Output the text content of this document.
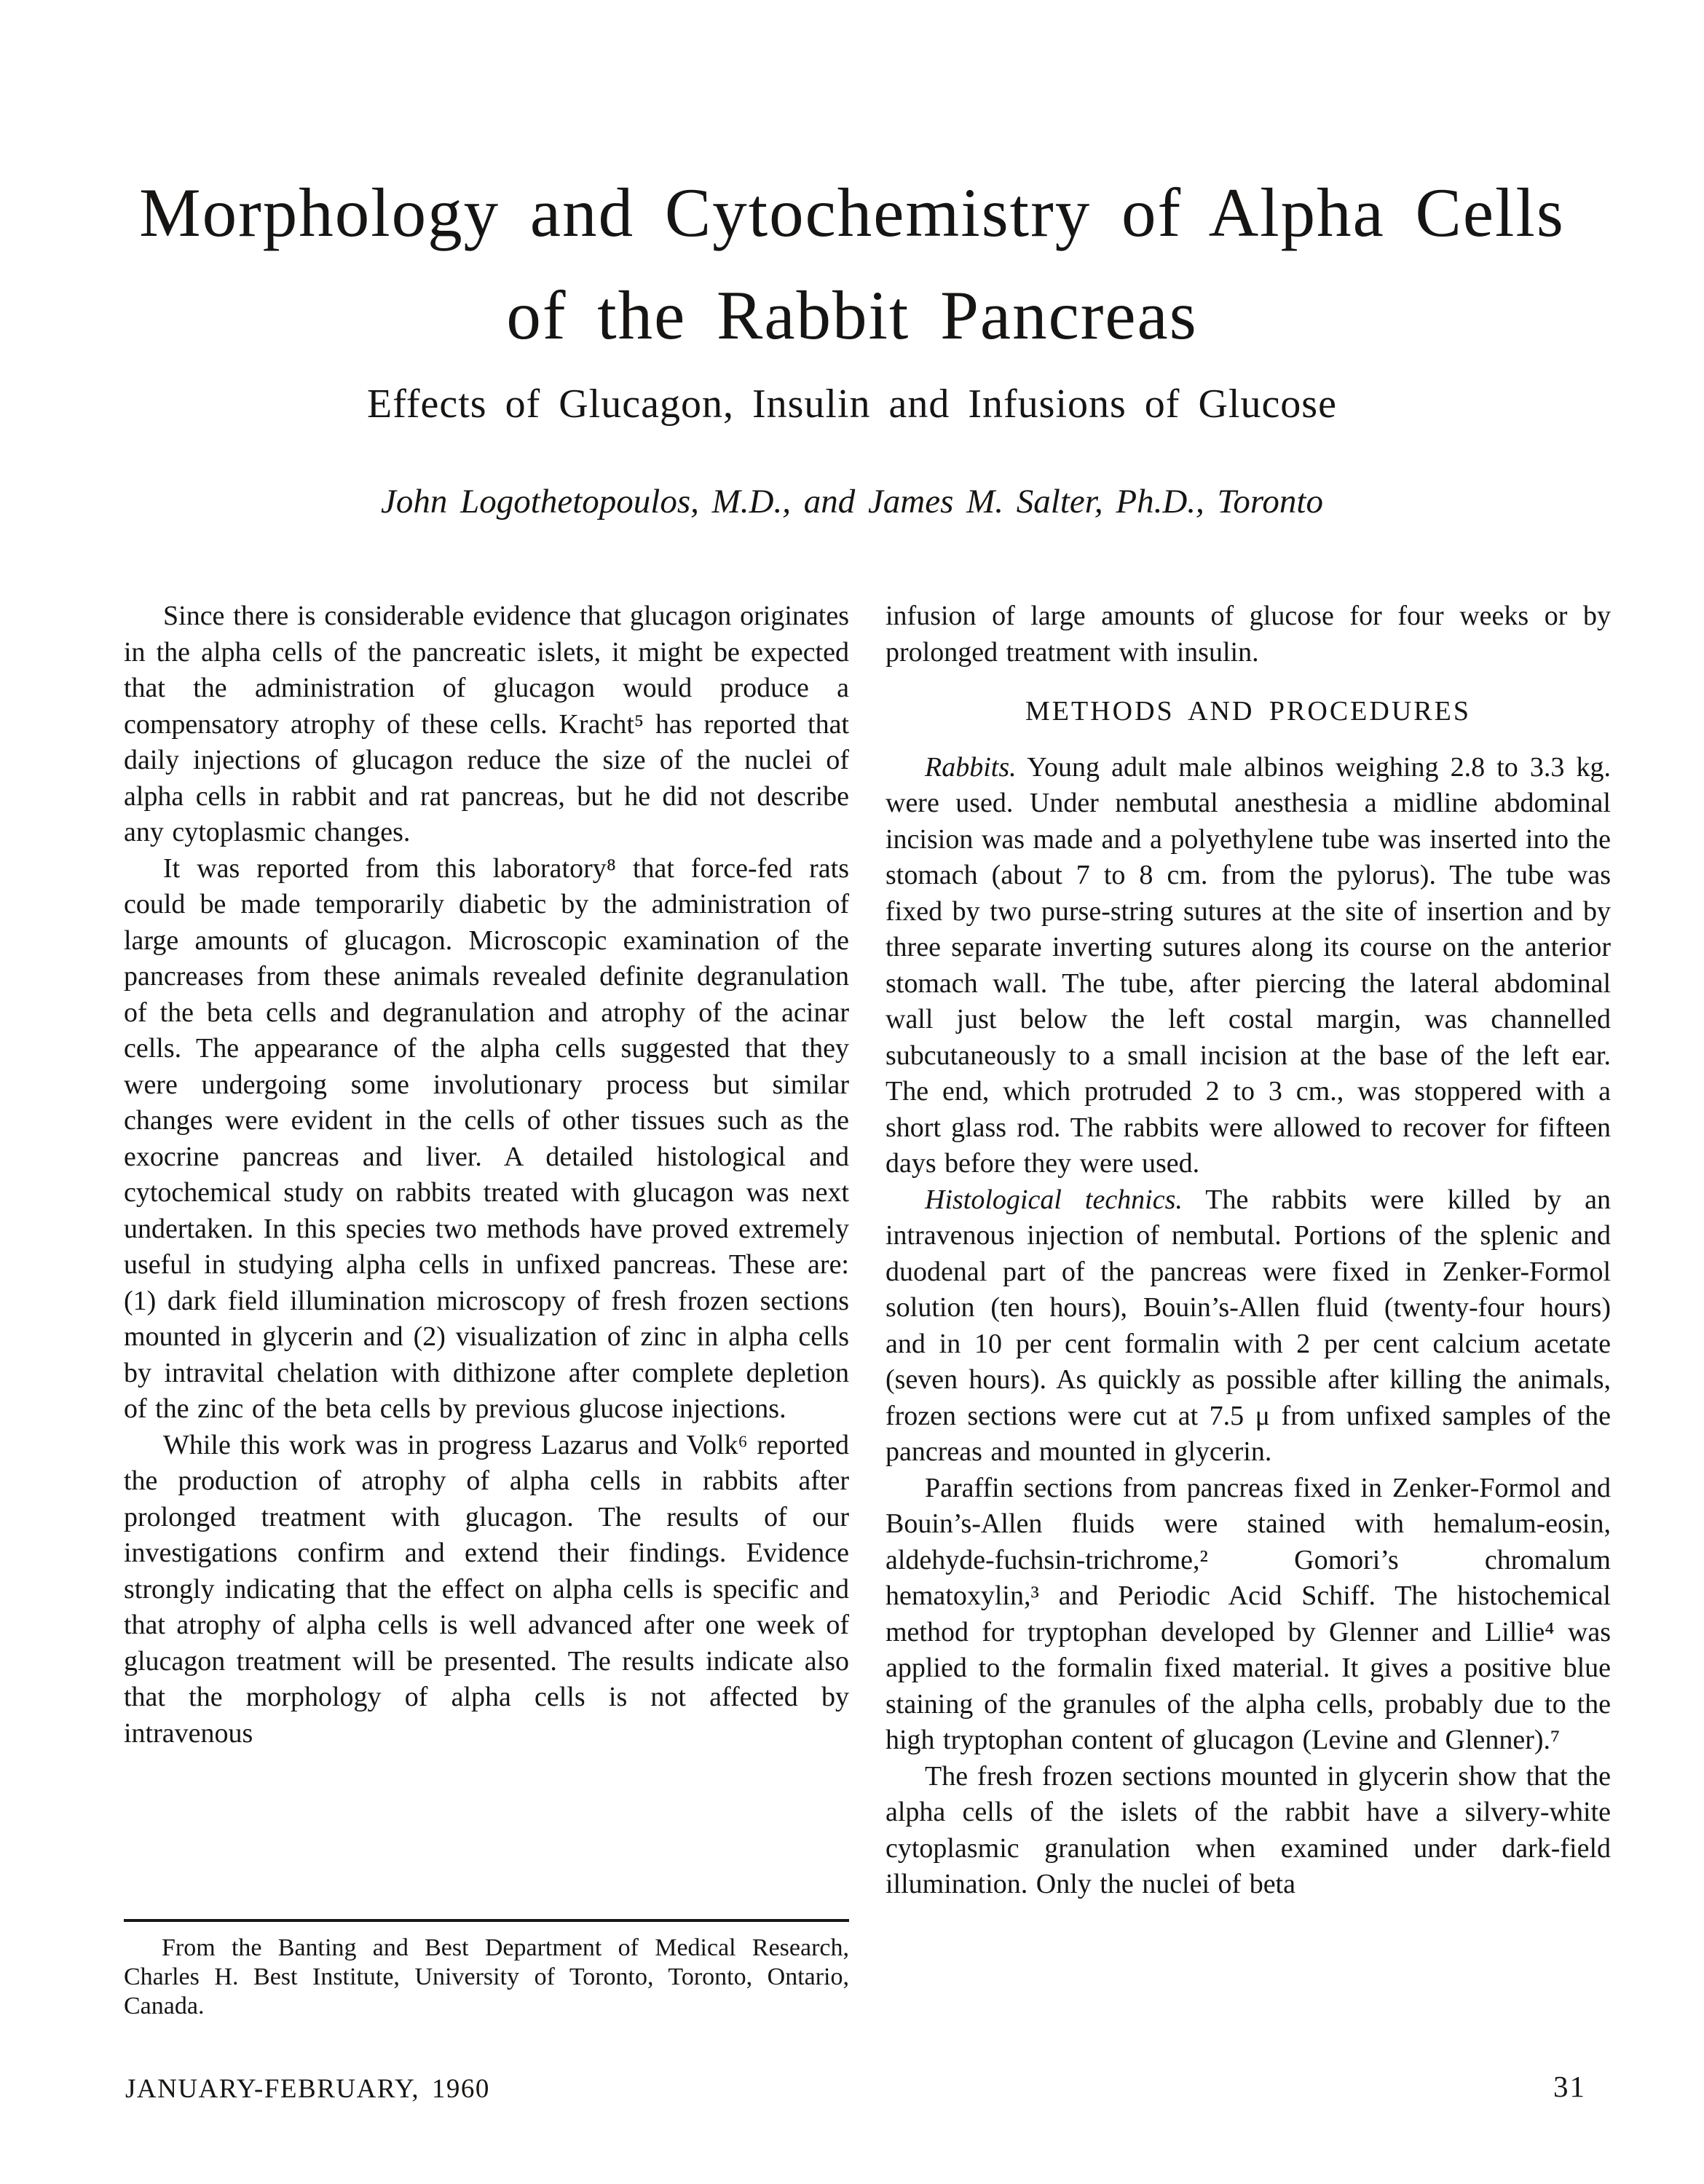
Morphology and Cytochemistry of Alpha Cells
of the Rabbit Pancreas
Effects of Glucagon, Insulin and Infusions of Glucose
John Logothetopoulos, M.D., and James M. Salter, Ph.D., Toronto

Since there is considerable evidence that glucagon originates in the alpha cells of the pancreatic islets, it might be expected that the administration of glucagon would produce a compensatory atrophy of these cells. Kracht⁵ has reported that daily injections of glucagon reduce the size of the nuclei of alpha cells in rabbit and rat pancreas, but he did not describe any cytoplasmic changes.

It was reported from this laboratory⁸ that force-fed rats could be made temporarily diabetic by the administration of large amounts of glucagon. Microscopic examination of the pancreases from these animals revealed definite degranulation of the beta cells and degranulation and atrophy of the acinar cells. The appearance of the alpha cells suggested that they were undergoing some involutionary process but similar changes were evident in the cells of other tissues such as the exocrine pancreas and liver. A detailed histological and cytochemical study on rabbits treated with glucagon was next undertaken. In this species two methods have proved extremely useful in studying alpha cells in unfixed pancreas. These are: (1) dark field illumination microscopy of fresh frozen sections mounted in glycerin and (2) visualization of zinc in alpha cells by intravital chelation with dithizone after complete depletion of the zinc of the beta cells by previous glucose injections.

While this work was in progress Lazarus and Volk⁶ reported the production of atrophy of alpha cells in rabbits after prolonged treatment with glucagon. The results of our investigations confirm and extend their findings. Evidence strongly indicating that the effect on alpha cells is specific and that atrophy of alpha cells is well advanced after one week of glucagon treatment will be presented. The results indicate also that the morphology of alpha cells is not affected by intravenous

infusion of large amounts of glucose for four weeks or by prolonged treatment with insulin.

METHODS AND PROCEDURES

Rabbits. Young adult male albinos weighing 2.8 to 3.3 kg. were used. Under nembutal anesthesia a midline abdominal incision was made and a polyethylene tube was inserted into the stomach (about 7 to 8 cm. from the pylorus). The tube was fixed by two purse-string sutures at the site of insertion and by three separate inverting sutures along its course on the anterior stomach wall. The tube, after piercing the lateral abdominal wall just below the left costal margin, was channelled subcutaneously to a small incision at the base of the left ear. The end, which protruded 2 to 3 cm., was stoppered with a short glass rod. The rabbits were allowed to recover for fifteen days before they were used.

Histological technics. The rabbits were killed by an intravenous injection of nembutal. Portions of the splenic and duodenal part of the pancreas were fixed in Zenker-Formol solution (ten hours), Bouin’s-Allen fluid (twenty-four hours) and in 10 per cent formalin with 2 per cent calcium acetate (seven hours). As quickly as possible after killing the animals, frozen sections were cut at 7.5 μ from unfixed samples of the pancreas and mounted in glycerin.

Paraffin sections from pancreas fixed in Zenker-Formol and Bouin’s-Allen fluids were stained with hemalum-eosin, aldehyde-fuchsin-trichrome,² Gomori’s chromalum hematoxylin,³ and Periodic Acid Schiff. The histochemical method for tryptophan developed by Glenner and Lillie⁴ was applied to the formalin fixed material. It gives a positive blue staining of the granules of the alpha cells, probably due to the high tryptophan content of glucagon (Levine and Glenner).⁷

The fresh frozen sections mounted in glycerin show that the alpha cells of the islets of the rabbit have a silvery-white cytoplasmic granulation when examined under dark-field illumination. Only the nuclei of beta

From the Banting and Best Department of Medical Research, Charles H. Best Institute, University of Toronto, Toronto, Ontario, Canada.

JANUARY-FEBRUARY, 1960	31
